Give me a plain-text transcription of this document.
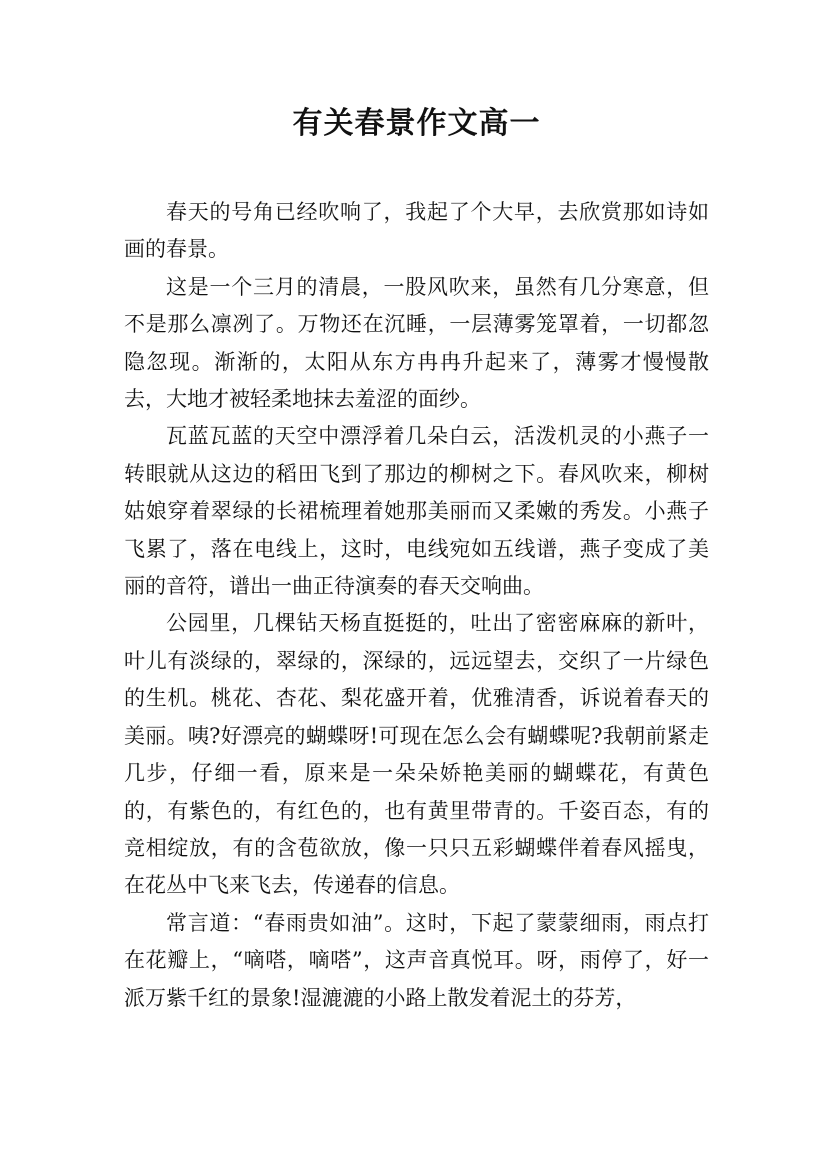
有关春景作文高一

春天的号角已经吹响了，我起了个大早，去欣赏那如诗如画的春景。

这是一个三月的清晨，一股风吹来，虽然有几分寒意，但不是那么凛冽了。万物还在沉睡，一层薄雾笼罩着，一切都忽隐忽现。渐渐的，太阳从东方冉冉升起来了，薄雾才慢慢散去，大地才被轻柔地抹去羞涩的面纱。

瓦蓝瓦蓝的天空中漂浮着几朵白云，活泼机灵的小燕子一转眼就从这边的稻田飞到了那边的柳树之下。春风吹来，柳树姑娘穿着翠绿的长裙梳理着她那美丽而又柔嫩的秀发。小燕子飞累了，落在电线上，这时，电线宛如五线谱，燕子变成了美丽的音符，谱出一曲正待演奏的春天交响曲。

公园里，几棵钻天杨直挺挺的，吐出了密密麻麻的新叶，叶儿有淡绿的，翠绿的，深绿的，远远望去，交织了一片绿色的生机。桃花、杏花、梨花盛开着，优雅清香，诉说着春天的美丽。咦?好漂亮的蝴蝶呀!可现在怎么会有蝴蝶呢?我朝前紧走几步，仔细一看，原来是一朵朵娇艳美丽的蝴蝶花，有黄色的，有紫色的，有红色的，也有黄里带青的。千姿百态，有的竞相绽放，有的含苞欲放，像一只只五彩蝴蝶伴着春风摇曳，在花丛中飞来飞去，传递春的信息。

常言道：“春雨贵如油”。这时，下起了蒙蒙细雨，雨点打在花瓣上，“嘀嗒，嘀嗒”，这声音真悦耳。呀，雨停了，好一派万紫千红的景象!湿漉漉的小路上散发着泥土的芬芳，
